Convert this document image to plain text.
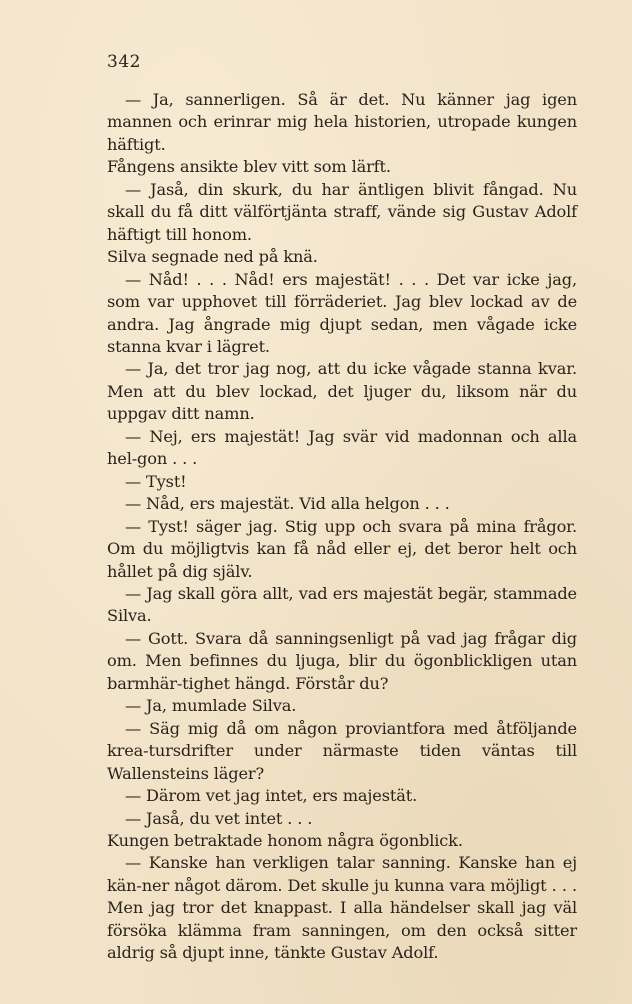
342

— Ja, sannerligen. Så är det. Nu känner jag igen mannen och erinrar mig hela historien, utropade kungen häftigt.

Fångens ansikte blev vitt som lärft.

— Jaså, din skurk, du har äntligen blivit fångad. Nu skall du få ditt välförtjänta straff, vände sig Gustav Adolf häftigt till honom.

Silva segnade ned på knä.

— Nåd! . . . Nåd! ers majestät! . . . Det var icke jag, som var upphovet till förräderiet. Jag blev lockad av de andra. Jag ångrade mig djupt sedan, men vågade icke stanna kvar i lägret.

— Ja, det tror jag nog, att du icke vågade stanna kvar. Men att du blev lockad, det ljuger du, liksom när du uppgav ditt namn.

— Nej, ers majestät! Jag svär vid madonnan och alla hel-gon . . .

— Tyst!

— Nåd, ers majestät. Vid alla helgon . . .

— Tyst! säger jag. Stig upp och svara på mina frågor. Om du möjligtvis kan få nåd eller ej, det beror helt och hållet på dig själv.

— Jag skall göra allt, vad ers majestät begär, stammade Silva.

— Gott. Svara då sanningsenligt på vad jag frågar dig om. Men befinnes du ljuga, blir du ögonblickligen utan barmhär-tighet hängd. Förstår du?

— Ja, mumlade Silva.

— Säg mig då om någon proviantfora med åtföljande krea-tursdrifter under närmaste tiden väntas till Wallensteins läger?

— Därom vet jag intet, ers majestät.

— Jaså, du vet intet . . .

Kungen betraktade honom några ögonblick.

— Kanske han verkligen talar sanning. Kanske han ej kän-ner något därom. Det skulle ju kunna vara möjligt . . . Men jag tror det knappast. I alla händelser skall jag väl försöka klämma fram sanningen, om den också sitter aldrig så djupt inne, tänkte Gustav Adolf.
